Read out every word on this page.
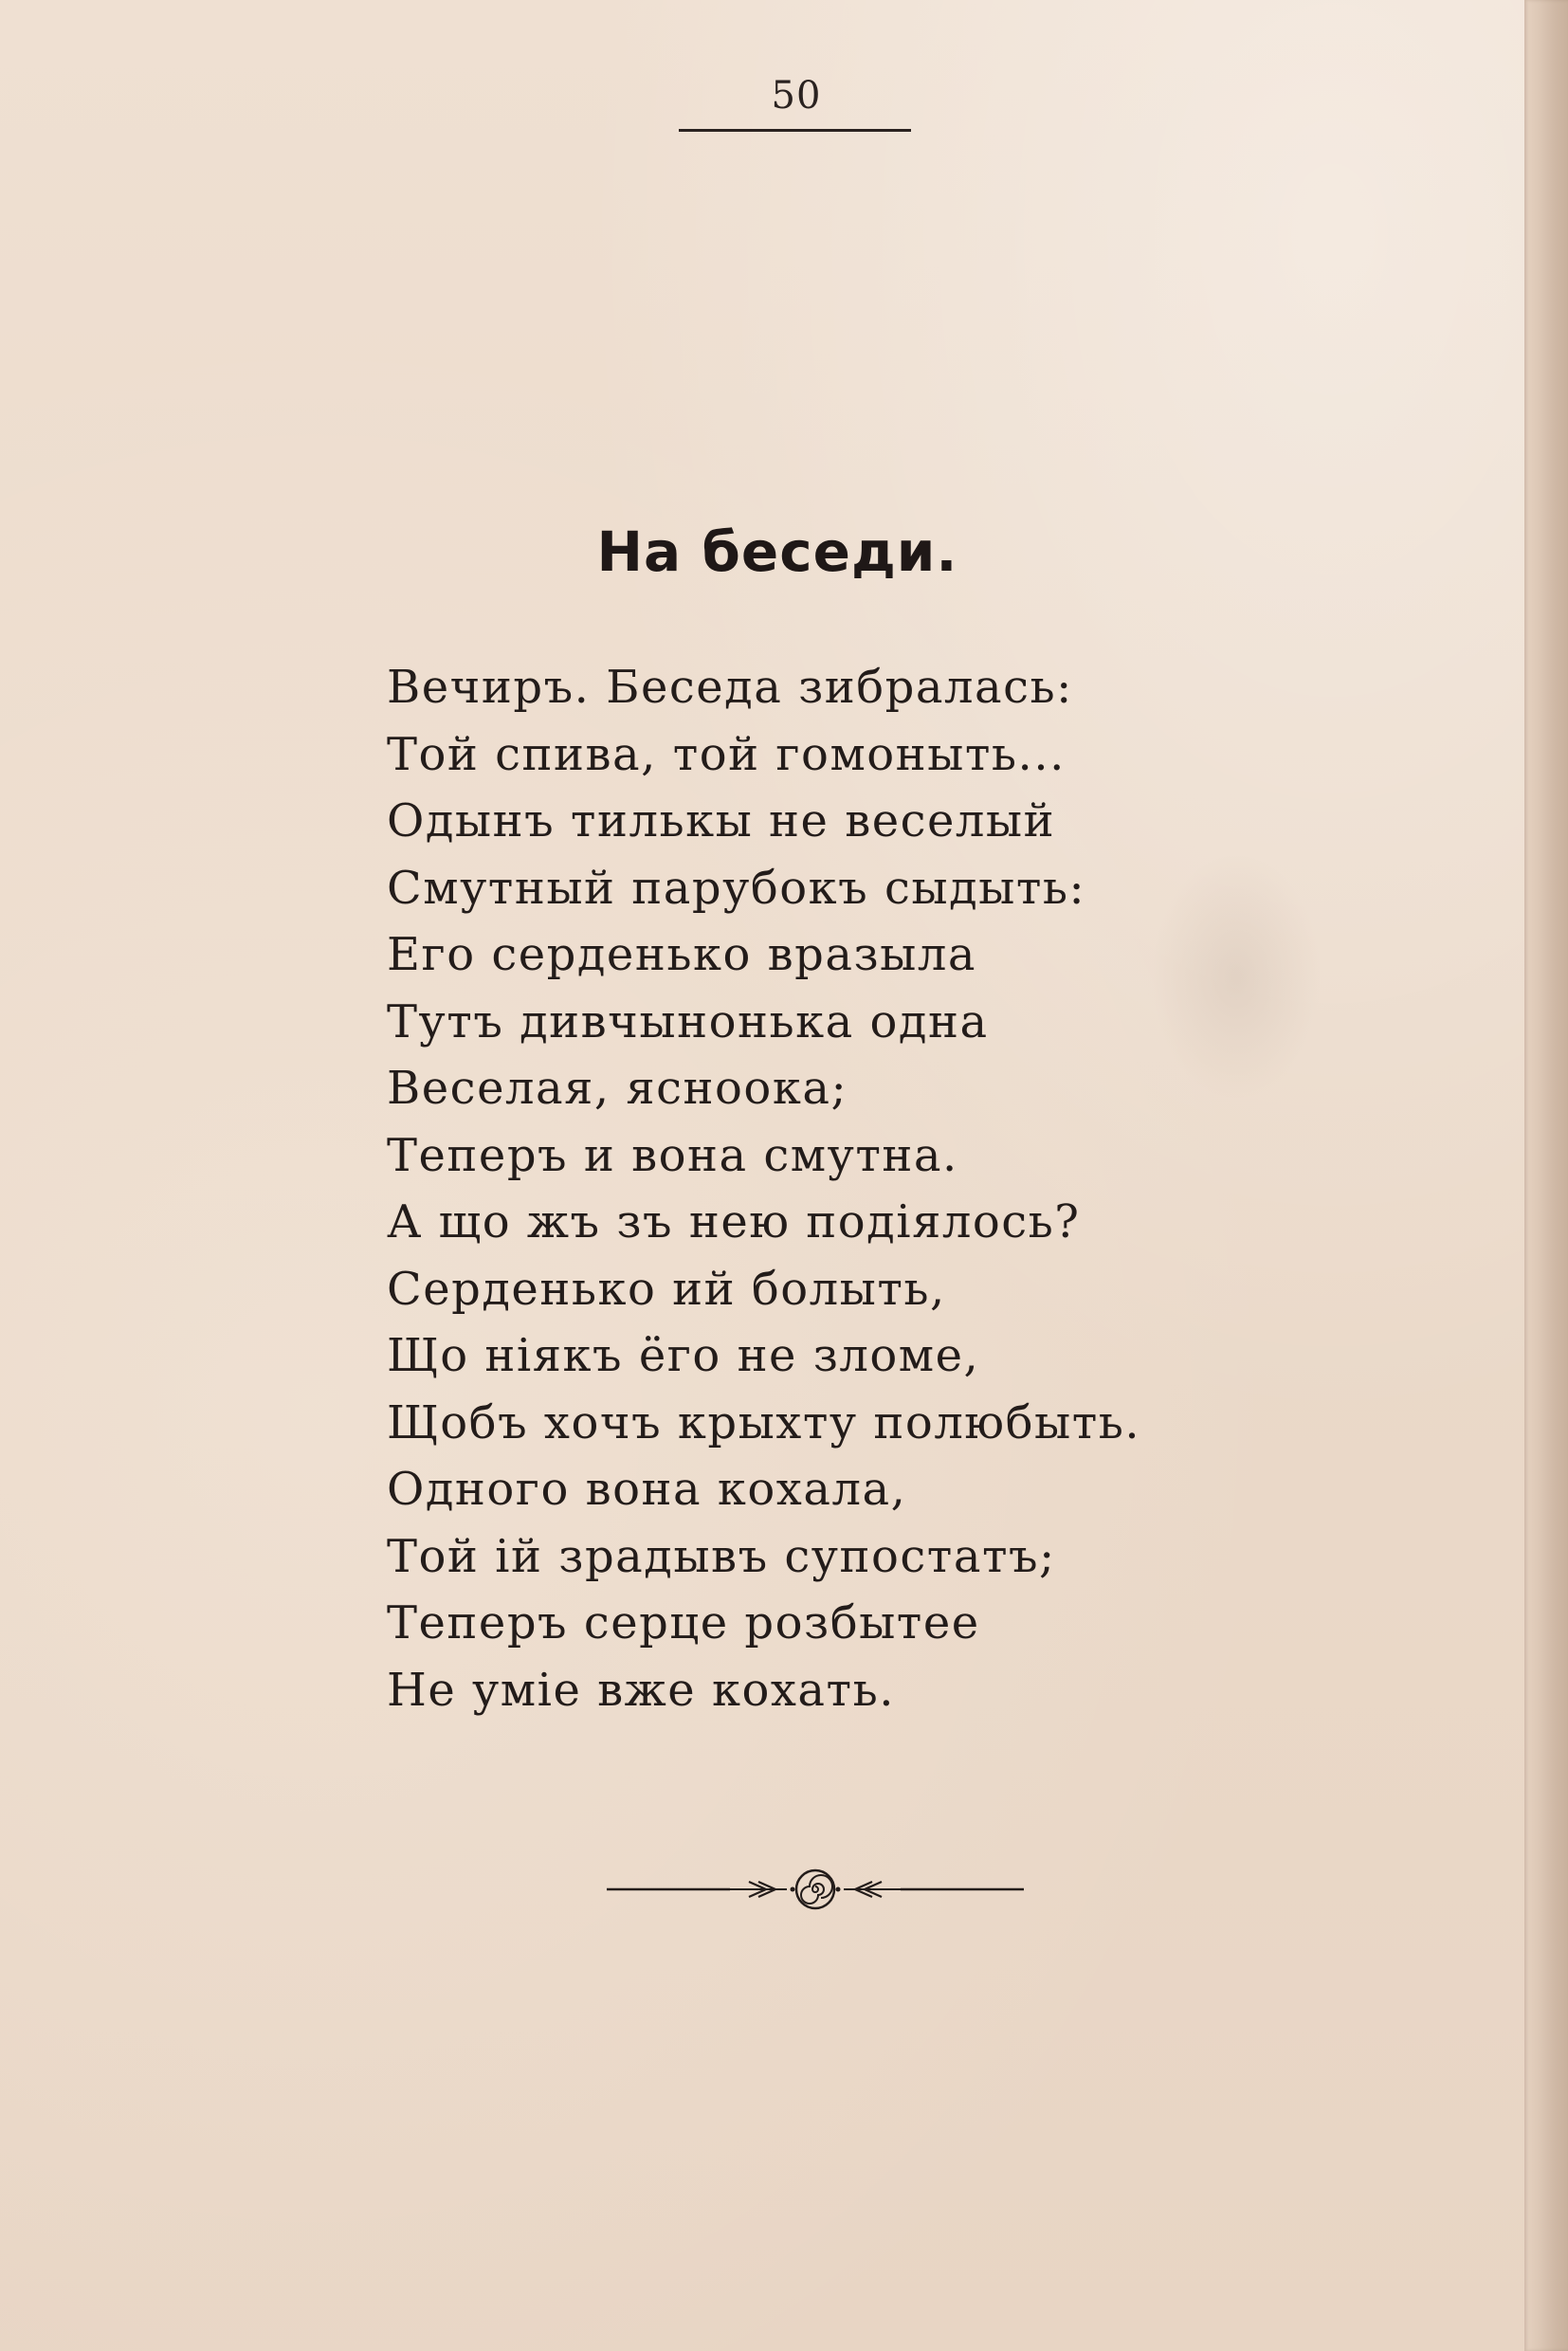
50
На беседи.
Вечиръ. Беседа зибралась:
Той спива, той гомоныть...
Одынъ тилькы не веселый
Смутный парубокъ сыдыть:
Его серденько вразыла
Тутъ дивчынонька одна
Веселая, ясноока;
Теперъ и вона смутна.
А що жъ зъ нею подiялось?
Серденько ий болыть,
Що нiякъ ёго не зломе,
Щобъ хочъ крыхту полюбыть.
Одного вона кохала,
Той iй зрадывъ супостатъ;
Теперъ серце розбытее
Не умiе вже кохать.
